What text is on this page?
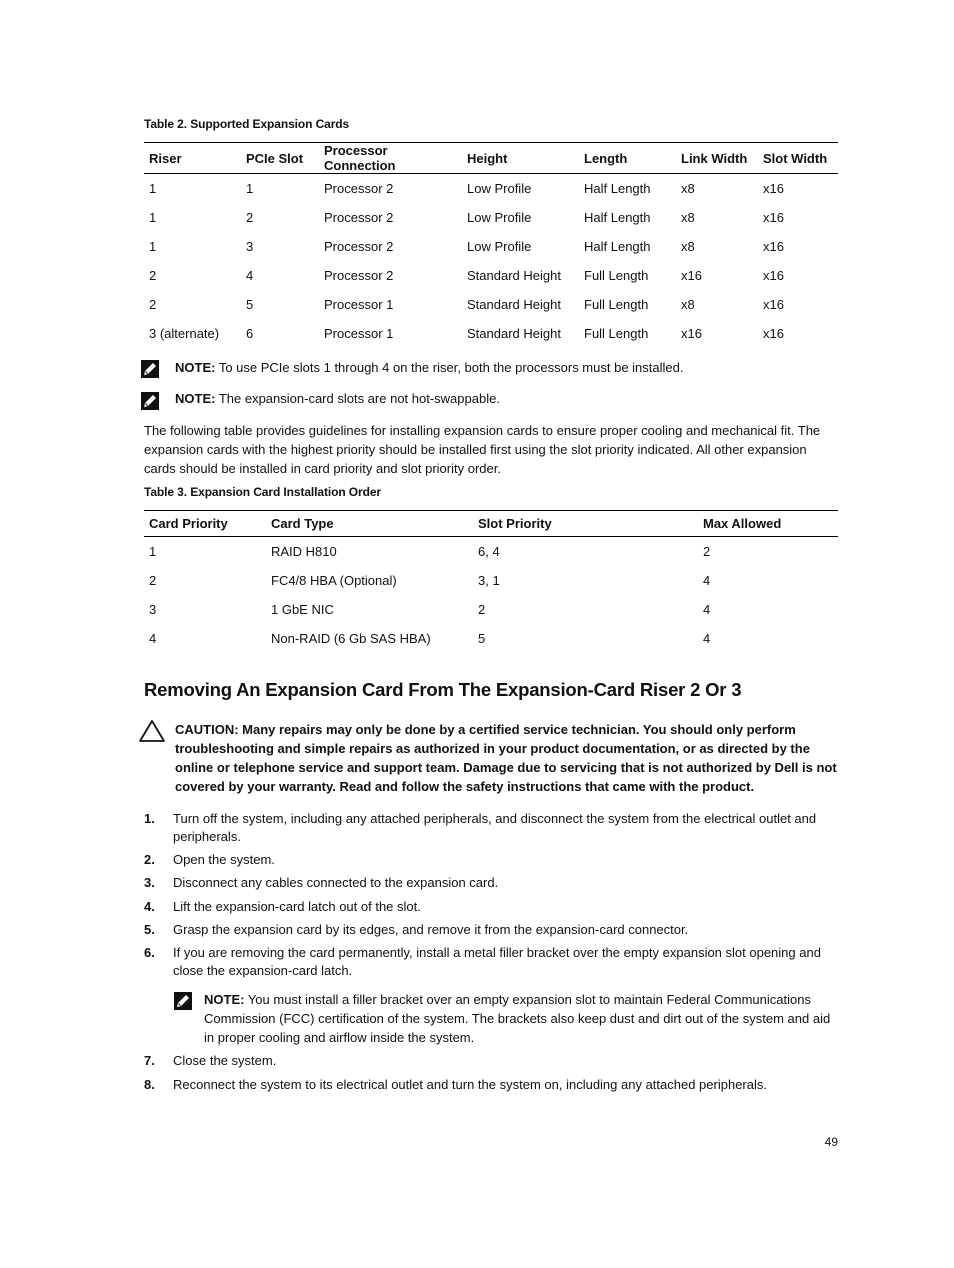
Table 2. Supported Expansion Cards
Riser	PCIe Slot	Processor Connection	Height	Length	Link Width	Slot Width
1	1	Processor 2	Low Profile	Half Length	x8	x16
1	2	Processor 2	Low Profile	Half Length	x8	x16
1	3	Processor 2	Low Profile	Half Length	x8	x16
2	4	Processor 2	Standard Height	Full Length	x16	x16
2	5	Processor 1	Standard Height	Full Length	x8	x16
3 (alternate)	6	Processor 1	Standard Height	Full Length	x16	x16
NOTE: To use PCIe slots 1 through 4 on the riser, both the processors must be installed.
NOTE: The expansion-card slots are not hot-swappable.
The following table provides guidelines for installing expansion cards to ensure proper cooling and mechanical fit. The expansion cards with the highest priority should be installed first using the slot priority indicated. All other expansion cards should be installed in card priority and slot priority order.
Table 3. Expansion Card Installation Order
Card Priority	Card Type	Slot Priority	Max Allowed
1	RAID H810	6, 4	2
2	FC4/8 HBA (Optional)	3, 1	4
3	1 GbE NIC	2	4
4	Non-RAID (6 Gb SAS HBA)	5	4
Removing An Expansion Card From The Expansion-Card Riser 2 Or 3
CAUTION: Many repairs may only be done by a certified service technician. You should only perform troubleshooting and simple repairs as authorized in your product documentation, or as directed by the online or telephone service and support team. Damage due to servicing that is not authorized by Dell is not covered by your warranty. Read and follow the safety instructions that came with the product.
1. Turn off the system, including any attached peripherals, and disconnect the system from the electrical outlet and peripherals.
2. Open the system.
3. Disconnect any cables connected to the expansion card.
4. Lift the expansion-card latch out of the slot.
5. Grasp the expansion card by its edges, and remove it from the expansion-card connector.
6. If you are removing the card permanently, install a metal filler bracket over the empty expansion slot opening and close the expansion-card latch.
NOTE: You must install a filler bracket over an empty expansion slot to maintain Federal Communications Commission (FCC) certification of the system. The brackets also keep dust and dirt out of the system and aid in proper cooling and airflow inside the system.
7. Close the system.
8. Reconnect the system to its electrical outlet and turn the system on, including any attached peripherals.
49
